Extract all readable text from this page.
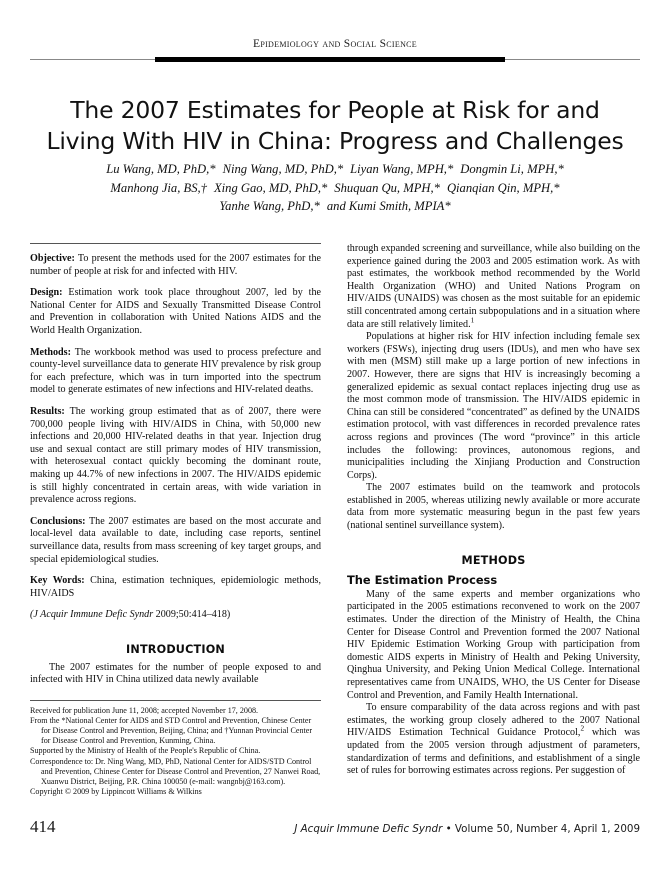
Epidemiology and Social Science
The 2007 Estimates for People at Risk for and Living With HIV in China: Progress and Challenges
Lu Wang, MD, PhD,* Ning Wang, MD, PhD,* Liyan Wang, MPH,* Dongmin Li, MPH,*
Manhong Jia, BS,† Xing Gao, MD, PhD,* Shuquan Qu, MPH,* Qianqian Qin, MPH,*
Yanhe Wang, PhD,* and Kumi Smith, MPIA*

Objective: To present the methods used for the 2007 estimates for the number of people at risk for and infected with HIV.

Design: Estimation work took place throughout 2007, led by the National Center for AIDS and Sexually Transmitted Disease Control and Prevention in collaboration with United Nations AIDS and the World Health Organization.

Methods: The workbook method was used to process prefecture and county-level surveillance data to generate HIV prevalence by risk group for each prefecture, which was in turn imported into the spectrum model to generate estimates of new infections and HIV-related deaths.

Results: The working group estimated that as of 2007, there were 700,000 people living with HIV/AIDS in China, with 50,000 new infections and 20,000 HIV-related deaths in that year. Injection drug use and sexual contact are still primary modes of HIV transmission, with heterosexual contact quickly becoming the dominant route, making up 44.7% of new infections in 2007. The HIV/AIDS epidemic is still highly concentrated in certain areas, with wide variation in prevalence across regions.

Conclusions: The 2007 estimates are based on the most accurate and local-level data available to date, including case reports, sentinel surveillance data, results from mass screening of key target groups, and special epidemiological studies.

Key Words: China, estimation techniques, epidemiologic methods, HIV/AIDS

(J Acquir Immune Defic Syndr 2009;50:414–418)

INTRODUCTION

The 2007 estimates for the number of people exposed to and infected with HIV in China utilized data newly available

through expanded screening and surveillance, while also building on the experience gained during the 2003 and 2005 estimation work. As with past estimates, the workbook method recommended by the World Health Organization (WHO) and United Nations Program on HIV/AIDS (UNAIDS) was chosen as the most suitable for an epidemic still concentrated among certain subpopulations and in a situation where data are still relatively limited.$^1$

Populations at higher risk for HIV infection including female sex workers (FSWs), injecting drug users (IDUs), and men who have sex with men (MSM) still make up a large portion of new infections in 2007. However, there are signs that HIV is increasingly becoming a generalized epidemic as sexual contact replaces injecting drug use as the most common mode of transmission. The HIV/AIDS epidemic in China can still be considered “concentrated” as defined by the UNAIDS estimation protocol, with vast differences in recorded prevalence rates across regions and provinces (The word “province” in this article includes the following: provinces, autonomous regions, and municipalities including the Xinjiang Production and Construction Corps).

The 2007 estimates build on the teamwork and protocols established in 2005, whereas utilizing newly available or more accurate data from more systematic measuring begun in the past few years (national sentinel surveillance system).

METHODS
The Estimation Process

Many of the same experts and member organizations who participated in the 2005 estimations reconvened to work on the 2007 estimates. Under the direction of the Ministry of Health, the China Center for Disease Control and Prevention formed the 2007 National HIV Epidemic Estimation Working Group with participation from domestic AIDS experts in Ministry of Health and Peking University, Qinghua University, and Peking Union Medical College. International representatives came from UNAIDS, WHO, the US Center for Disease Control and Prevention, and Family Health International.

To ensure comparability of the data across regions and with past estimates, the working group closely adhered to the 2007 National HIV/AIDS Estimation Technical Guidance Protocol,$^2$ which was updated from the 2005 version through adjustment of parameters, standardization of terms and definitions, and establishment of a single set of rules for borrowing estimates across regions. Per suggestion of

Received for publication June 11, 2008; accepted November 17, 2008.

From the *National Center for AIDS and STD Control and Prevention, Chinese Center for Disease Control and Prevention, Beijing, China; and †Yunnan Provincial Center for Disease Control and Prevention, Kunming, China.

Supported by the Ministry of Health of the People's Republic of China.

Correspondence to: Dr. Ning Wang, MD, PhD, National Center for AIDS/STD Control and Prevention, Chinese Center for Disease Control and Prevention, 27 Nanwei Road, Xuanwu District, Beijing, P.R. China 100050 (e-mail: wangnbj@163.com).

Copyright © 2009 by Lippincott Williams & Wilkins

414	J Acquir Immune Defic Syndr • Volume 50, Number 4, April 1, 2009
